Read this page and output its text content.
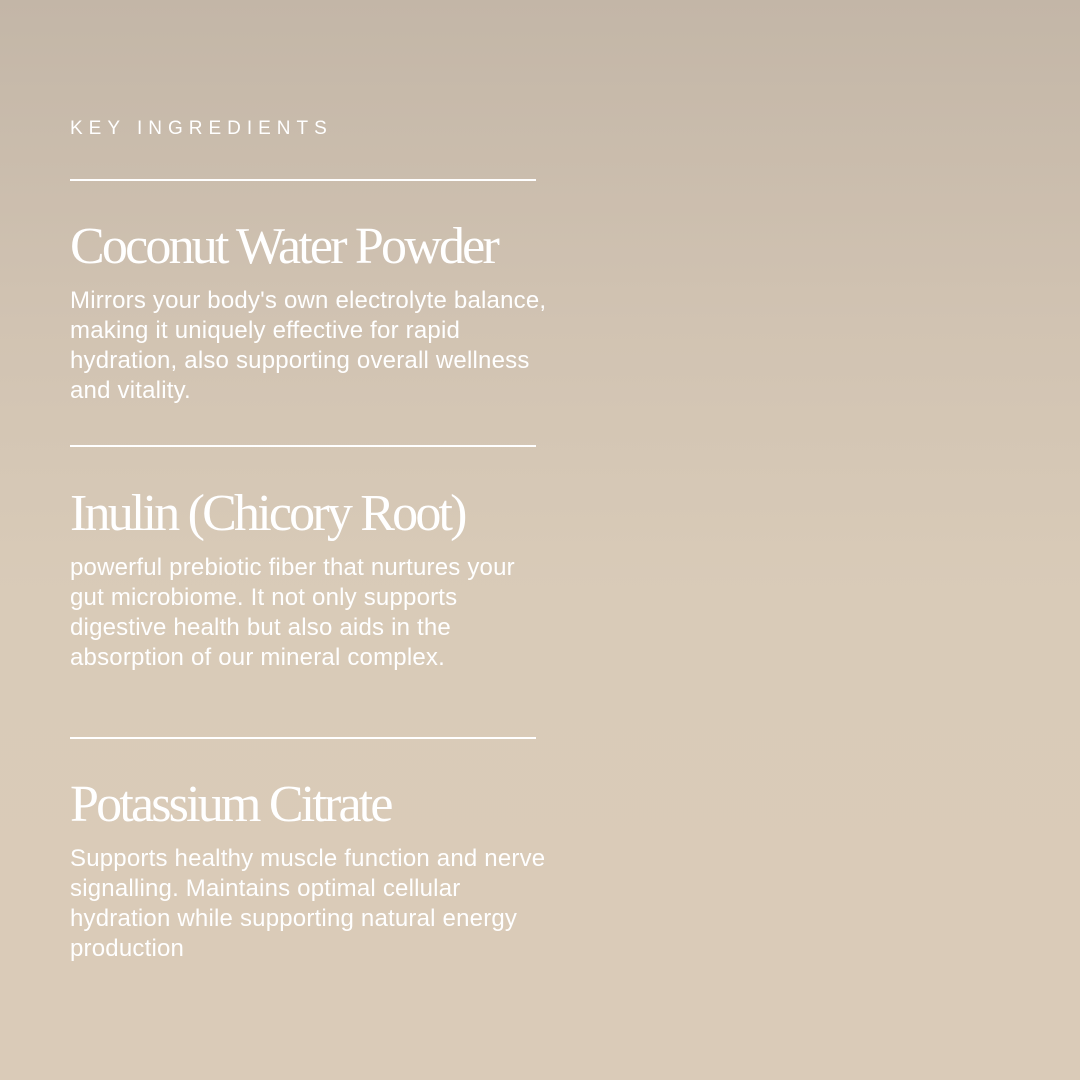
KEY INGREDIENTS
Coconut Water Powder
Mirrors your body's own electrolyte balance, making it uniquely effective for rapid hydration, also supporting overall wellness and vitality.
Inulin (Chicory Root)
powerful prebiotic fiber that nurtures your gut microbiome. It not only supports digestive health but also aids in the absorption of our mineral complex.
Potassium Citrate
Supports healthy muscle function and nerve signalling. Maintains optimal cellular hydration while supporting natural energy production
